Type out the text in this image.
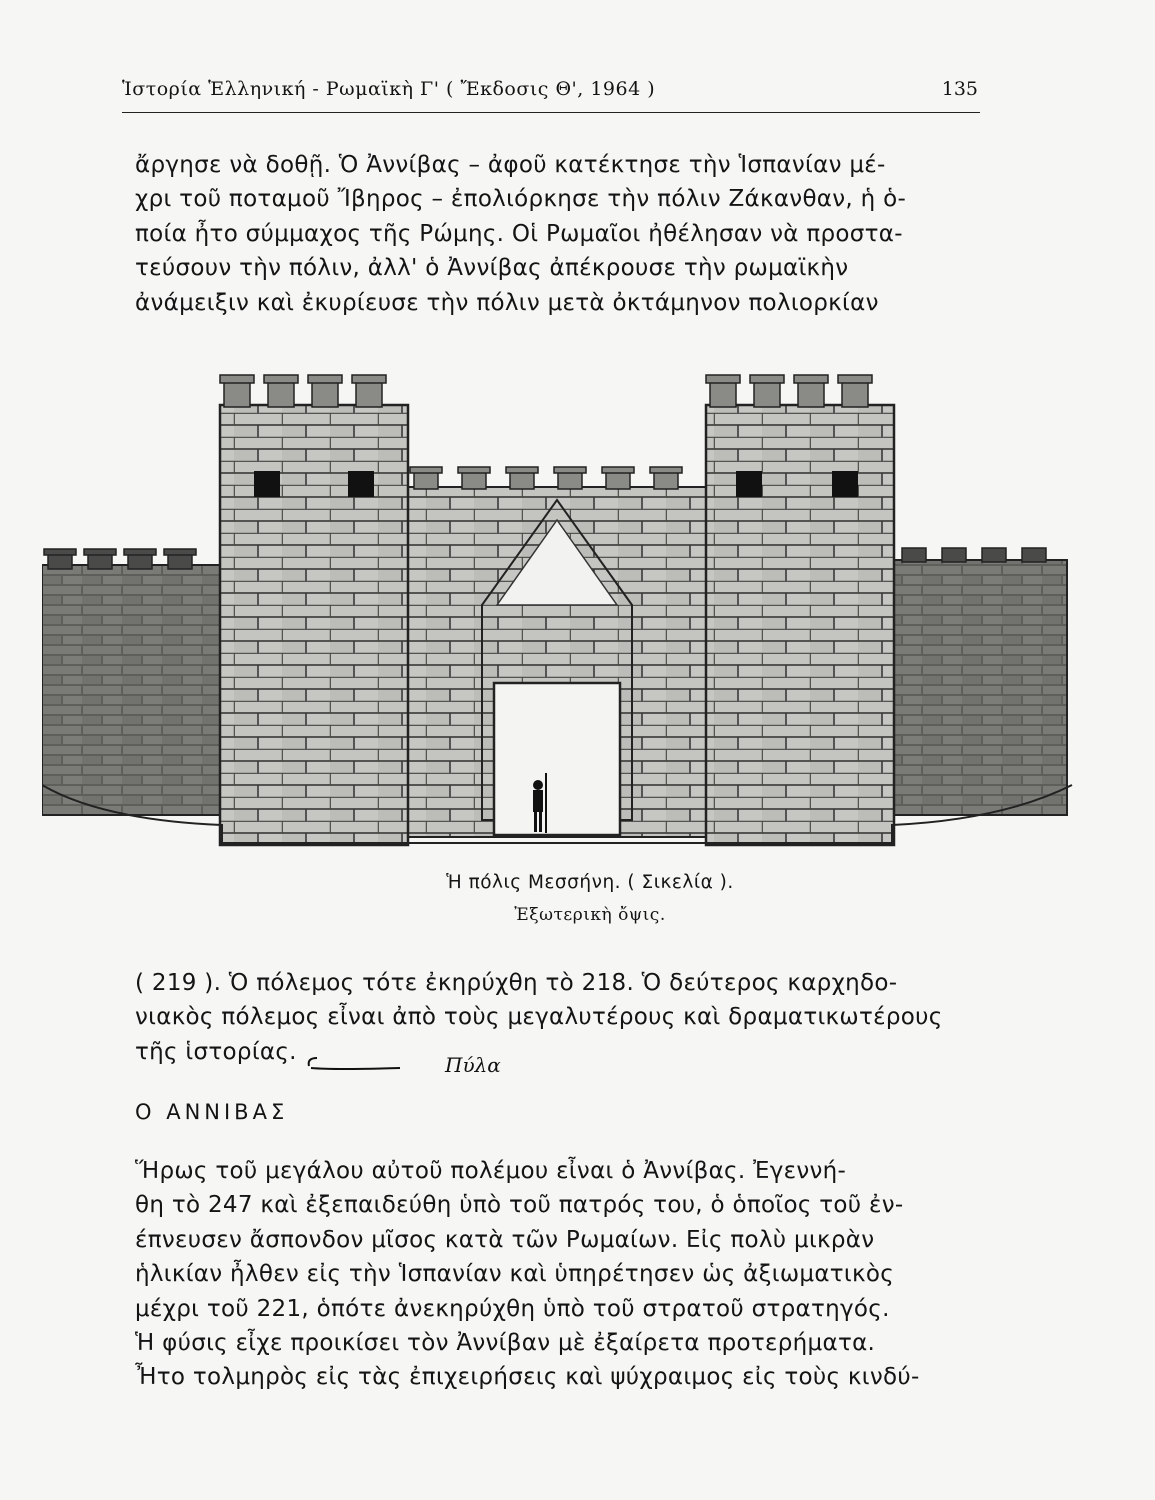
Ἱστορία Ἑλληνική - Ρωμαϊκὴ Γ' ( Ἔκδοσις Θ', 1964 )	135

ἄργησε νὰ δοθῇ. Ὁ Ἀννίβας – ἀφοῦ κατέκτησε τὴν Ἱσπανίαν μέ-

χρι τοῦ ποταμοῦ Ἴβηρος – ἐπολιόρκησε τὴν πόλιν Ζάκανθαν, ἡ ὁ-

ποία ἦτο σύμμαχος τῆς Ρώμης. Οἱ Ρωμαῖοι ἠθέλησαν νὰ προστα-

τεύσουν τὴν πόλιν, ἀλλ' ὁ Ἀννίβας ἀπέκρουσε τὴν ρωμαϊκὴν

ἀνάμειξιν καὶ ἐκυρίευσε τὴν πόλιν μετὰ ὀκτάμηνον πολιορκίαν

Ἡ πόλις Μεσσήνη. ( Σικελία ).
Ἐξωτερικὴ ὄψις.

( 219 ). Ὁ πόλεμος τότε ἐκηρύχθη τὸ 218. Ὁ δεύτερος καρχηδο-

νιακὸς πόλεμος εἶναι ἀπὸ τοὺς μεγαλυτέρους καὶ δραματικωτέρους

τῆς ἱστορίας.

Πύλα
Ο ΑΝΝΙΒΑΣ

Ἥρως τοῦ μεγάλου αὐτοῦ πολέμου εἶναι ὁ Ἀννίβας. Ἐγεννή-

θη τὸ 247 καὶ ἐξεπαιδεύθη ὑπὸ τοῦ πατρός του, ὁ ὁποῖος τοῦ ἐν-

έπνευσεν ἄσπονδον μῖσος κατὰ τῶν Ρωμαίων. Εἰς πολὺ μικρὰν

ἡλικίαν ἦλθεν εἰς τὴν Ἱσπανίαν καὶ ὑπηρέτησεν ὡς ἀξιωματικὸς

μέχρι τοῦ 221, ὁπότε ἀνεκηρύχθη ὑπὸ τοῦ στρατοῦ στρατηγός.

Ἡ φύσις εἶχε προικίσει τὸν Ἀννίβαν μὲ ἐξαίρετα προτερήματα.

Ἦτο τολμηρὸς εἰς τὰς ἐπιχειρήσεις καὶ ψύχραιμος εἰς τοὺς κινδύ-
